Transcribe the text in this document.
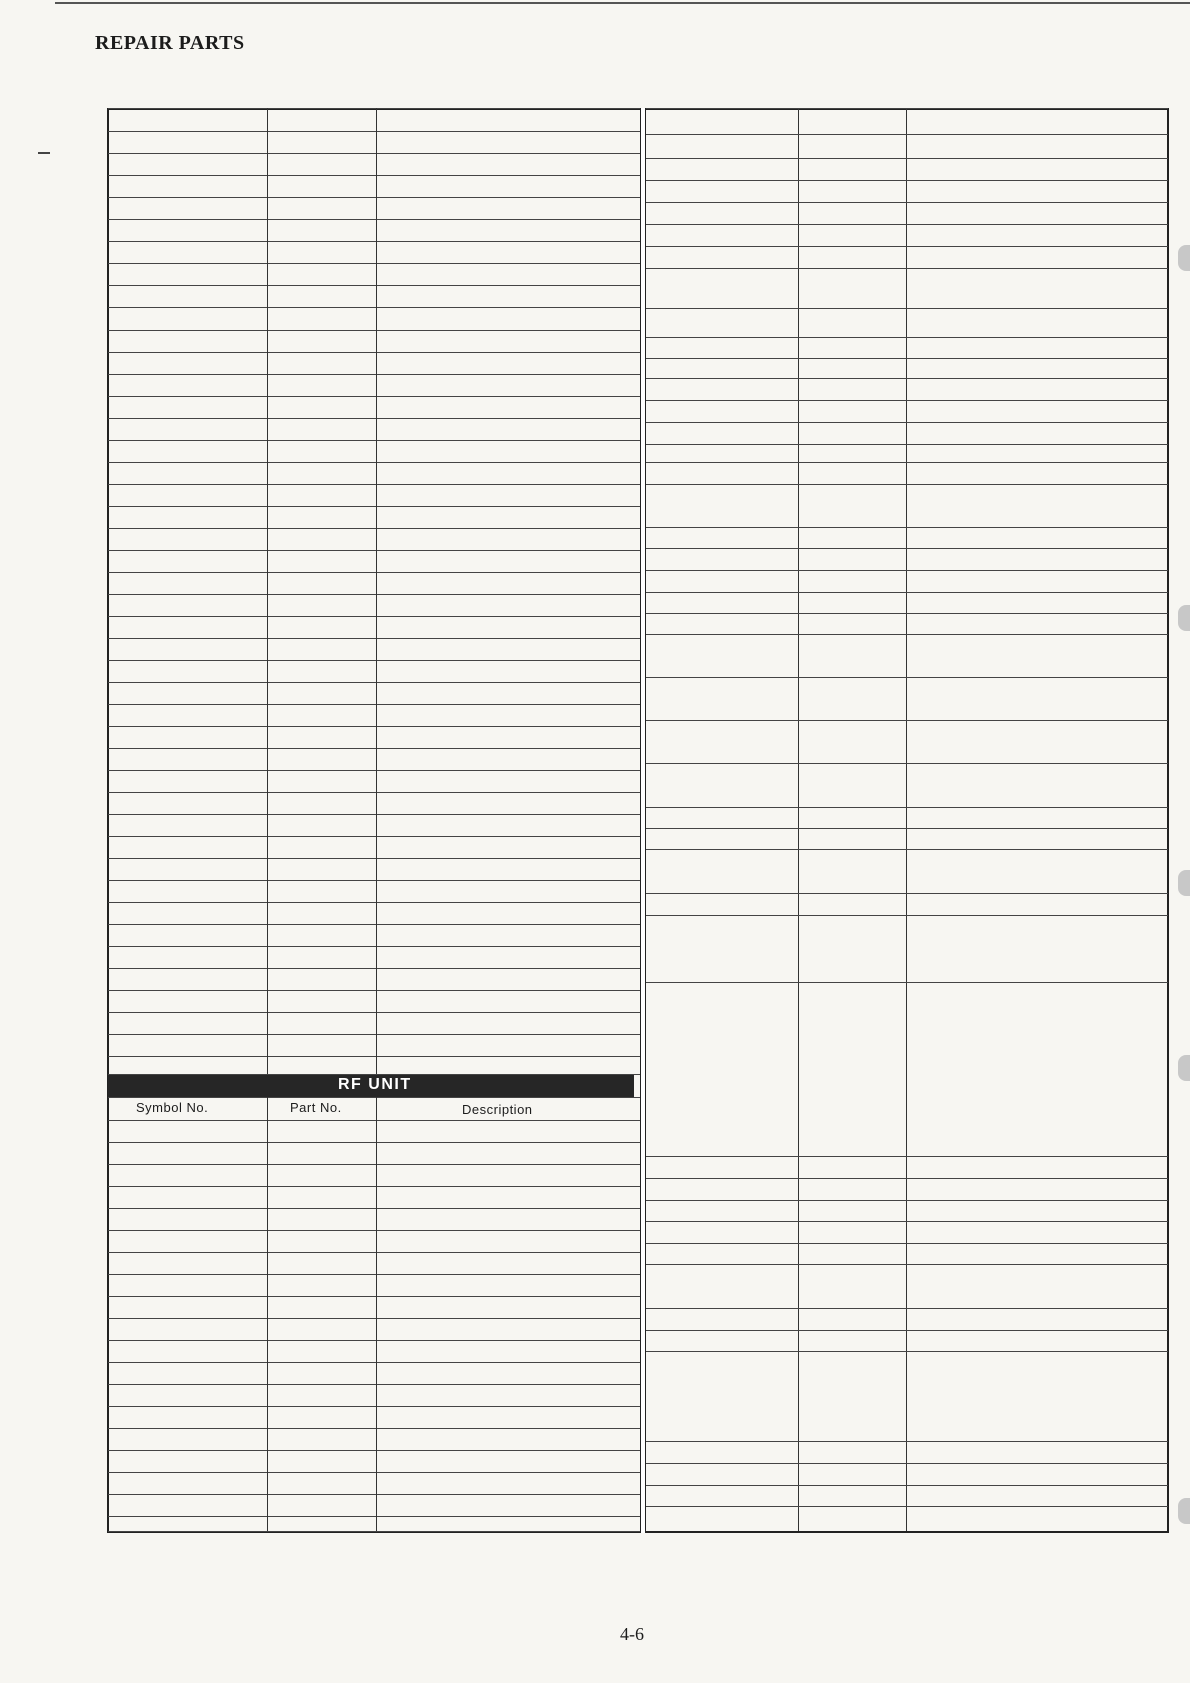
REPAIR PARTS
RF UNIT
Symbol No.	Part No.	Description
4-6
